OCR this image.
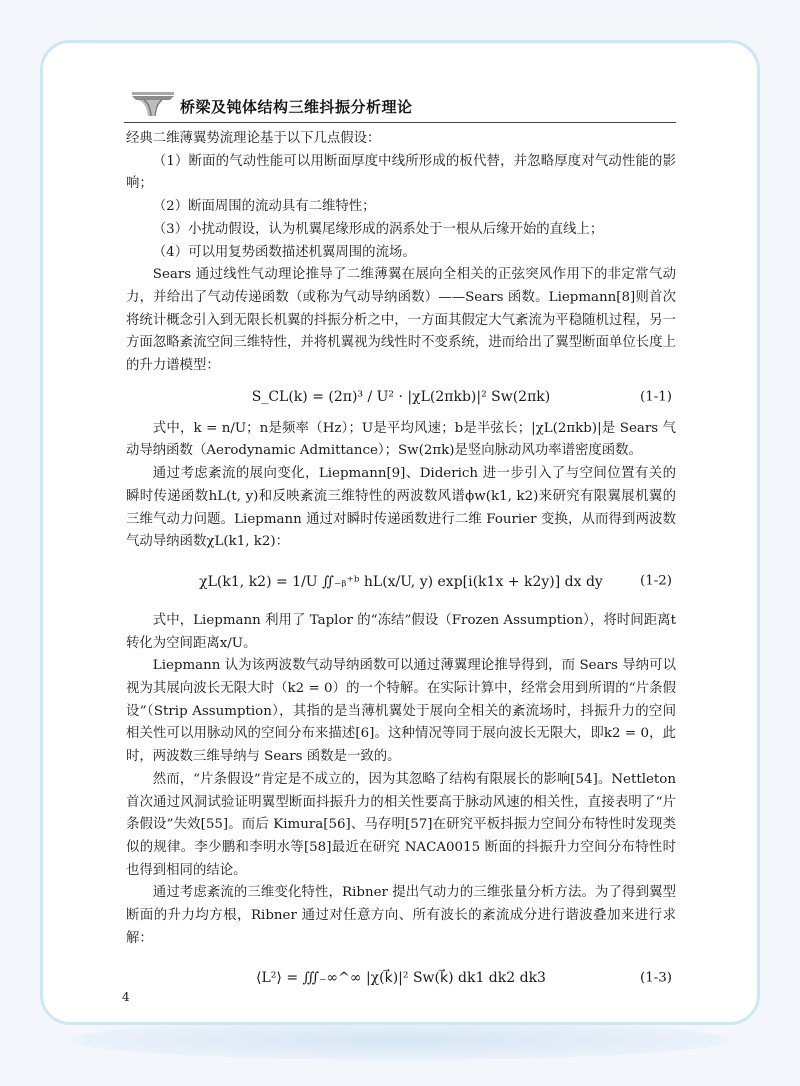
桥梁及钝体结构三维抖振分析理论

经典二维薄翼势流理论基于以下几点假设：

（1）断面的气动性能可以用断面厚度中线所形成的板代替，并忽略厚度对气动性能的影响；

（2）断面周围的流动具有二维特性；

（3）小扰动假设，认为机翼尾缘形成的涡系处于一根从后缘开始的直线上；

（4）可以用复势函数描述机翼周围的流场。

Sears 通过线性气动理论推导了二维薄翼在展向全相关的正弦突风作用下的非定常气动力，并给出了气动传递函数（或称为气动导纳函数）——Sears 函数。Liepmann[8]则首次将统计概念引入到无限长机翼的抖振分析之中，一方面其假定大气紊流为平稳随机过程，另一方面忽略紊流空间三维特性，并将机翼视为线性时不变系统，进而给出了翼型断面单位长度上的升力谱模型：

S_CL(k) = (2π)³ / U² · |χL(2πkb)|² Sw(2πk)	(1-1)

式中，k = n/U；n是频率（Hz）；U是平均风速；b是半弦长；|χL(2πkb)|是 Sears 气动导纳函数（Aerodynamic Admittance）；Sw(2πk)是竖向脉动风功率谱密度函数。

通过考虑紊流的展向变化，Liepmann[9]、Diderich 进一步引入了与空间位置有关的瞬时传递函数hL(t, y)和反映紊流三维特性的两波数风谱ϕw(k1, k2)来研究有限翼展机翼的三维气动力问题。Liepmann 通过对瞬时传递函数进行二维 Fourier 变换，从而得到两波数气动导纳函数χL(k1, k2)：

χL(k1, k2) = 1/U ∬₋ᵦ⁺ᵇ hL(x/U, y) exp[i(k1x + k2y)] dx dy	(1-2)

式中，Liepmann 利用了 Taplor 的“冻结”假设（Frozen Assumption），将时间距离t转化为空间距离x/U。

Liepmann 认为该两波数气动导纳函数可以通过薄翼理论推导得到，而 Sears 导纳可以视为其展向波长无限大时（k2 = 0）的一个特解。在实际计算中，经常会用到所谓的“片条假设”（Strip Assumption），其指的是当薄机翼处于展向全相关的紊流场时，抖振升力的空间相关性可以用脉动风的空间分布来描述[6]。这种情况等同于展向波长无限大，即k2 = 0，此时，两波数三维导纳与 Sears 函数是一致的。

然而，“片条假设”肯定是不成立的，因为其忽略了结构有限展长的影响[54]。Nettleton 首次通过风洞试验证明翼型断面抖振升力的相关性要高于脉动风速的相关性，直接表明了“片条假设”失效[55]。而后 Kimura[56]、马存明[57]在研究平板抖振力空间分布特性时发现类似的规律。李少鹏和李明水等[58]最近在研究 NACA0015 断面的抖振升力空间分布特性时也得到相同的结论。

通过考虑紊流的三维变化特性，Ribner 提出气动力的三维张量分析方法。为了得到翼型断面的升力均方根，Ribner 通过对任意方向、所有波长的紊流成分进行谐波叠加来进行求解：

⟨L²⟩ = ∭₋∞^∞ |χ(k⃗)|² Sw(k⃗) dk1 dk2 dk3	(1-3)
4
